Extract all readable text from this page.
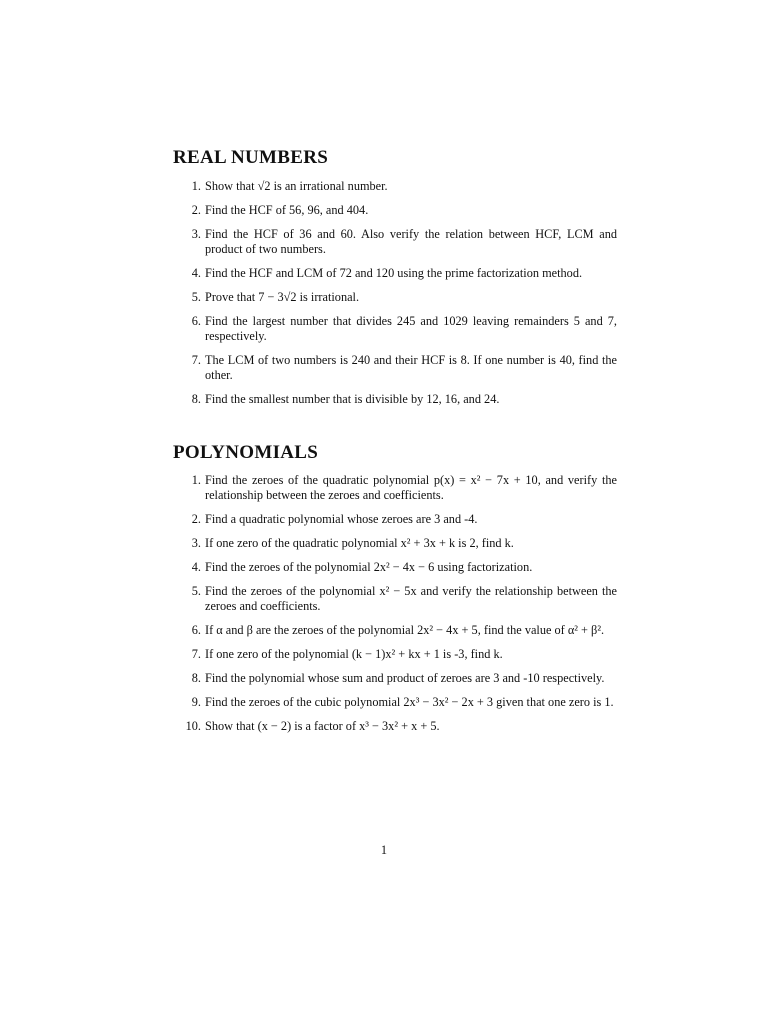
REAL NUMBERS
1. Show that √2 is an irrational number.
2. Find the HCF of 56, 96, and 404.
3. Find the HCF of 36 and 60. Also verify the relation between HCF, LCM and product of two numbers.
4. Find the HCF and LCM of 72 and 120 using the prime factorization method.
5. Prove that 7 − 3√2 is irrational.
6. Find the largest number that divides 245 and 1029 leaving remainders 5 and 7, respectively.
7. The LCM of two numbers is 240 and their HCF is 8. If one number is 40, find the other.
8. Find the smallest number that is divisible by 12, 16, and 24.
POLYNOMIALS
1. Find the zeroes of the quadratic polynomial p(x) = x² − 7x + 10, and verify the relationship between the zeroes and coefficients.
2. Find a quadratic polynomial whose zeroes are 3 and -4.
3. If one zero of the quadratic polynomial x² + 3x + k is 2, find k.
4. Find the zeroes of the polynomial 2x² − 4x − 6 using factorization.
5. Find the zeroes of the polynomial x² − 5x and verify the relationship between the zeroes and coefficients.
6. If α and β are the zeroes of the polynomial 2x² − 4x + 5, find the value of α² + β².
7. If one zero of the polynomial (k − 1)x² + kx + 1 is -3, find k.
8. Find the polynomial whose sum and product of zeroes are 3 and -10 respectively.
9. Find the zeroes of the cubic polynomial 2x³ − 3x² − 2x + 3 given that one zero is 1.
10. Show that (x − 2) is a factor of x³ − 3x² + x + 5.
1
